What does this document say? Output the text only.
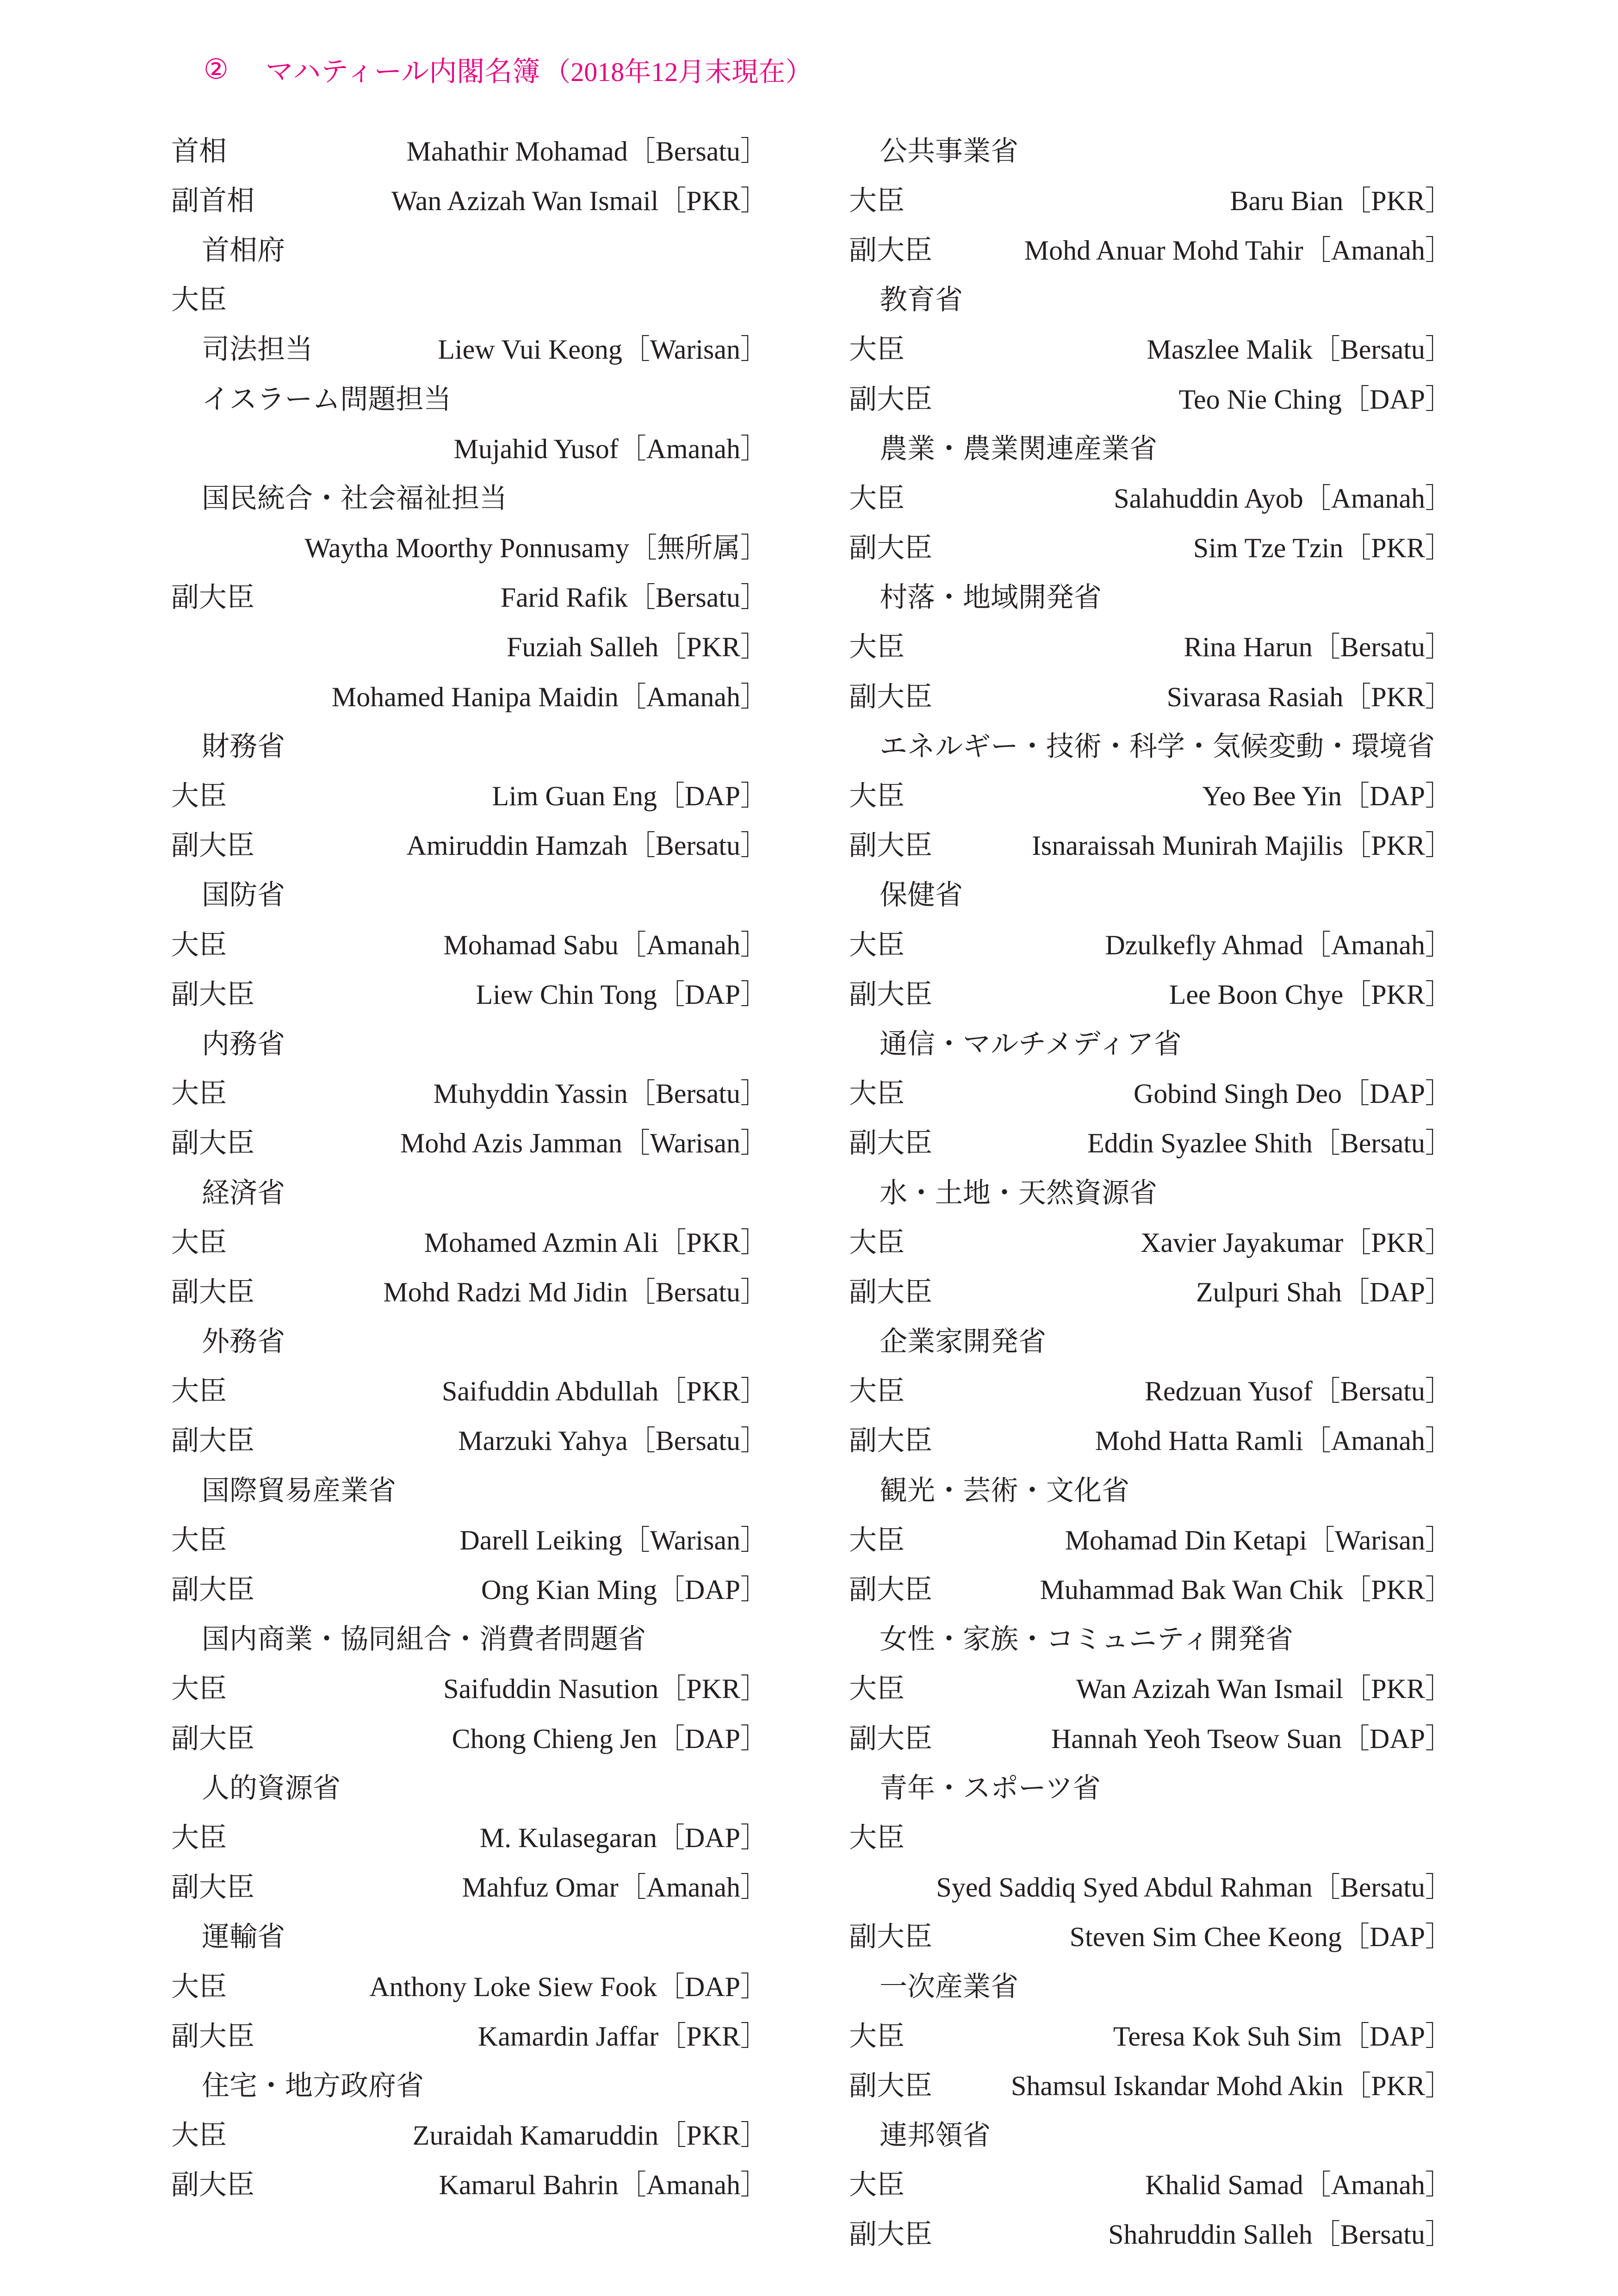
② マハティール内閣名簿 （2018年12月末現在）
首相	Mahathir Mohamad［Bersatu］
副首相	Wan Azizah Wan Ismail［PKR］
首相府
大臣
司法担当	Liew Vui Keong［Warisan］
イスラーム問題担当
Mujahid Yusof［Amanah］
国民統合・社会福祉担当
Waytha Moorthy Ponnusamy［無所属］
副大臣	Farid Rafik［Bersatu］
Fuziah Salleh［PKR］
Mohamed Hanipa Maidin［Amanah］
財務省
大臣	Lim Guan Eng［DAP］
副大臣	Amiruddin Hamzah［Bersatu］
国防省
大臣	Mohamad Sabu［Amanah］
副大臣	Liew Chin Tong［DAP］
内務省
大臣	Muhyddin Yassin［Bersatu］
副大臣	Mohd Azis Jamman［Warisan］
経済省
大臣	Mohamed Azmin Ali［PKR］
副大臣	Mohd Radzi Md Jidin［Bersatu］
外務省
大臣	Saifuddin Abdullah［PKR］
副大臣	Marzuki Yahya［Bersatu］
国際貿易産業省
大臣	Darell Leiking［Warisan］
副大臣	Ong Kian Ming［DAP］
国内商業・協同組合・消費者問題省
大臣	Saifuddin Nasution［PKR］
副大臣	Chong Chieng Jen［DAP］
人的資源省
大臣	M. Kulasegaran［DAP］
副大臣	Mahfuz Omar［Amanah］
運輸省
大臣	Anthony Loke Siew Fook［DAP］
副大臣	Kamardin Jaffar［PKR］
住宅・地方政府省
大臣	Zuraidah Kamaruddin［PKR］
副大臣	Kamarul Bahrin［Amanah］
公共事業省
大臣	Baru Bian［PKR］
副大臣	Mohd Anuar Mohd Tahir［Amanah］
教育省
大臣	Maszlee Malik［Bersatu］
副大臣	Teo Nie Ching［DAP］
農業・農業関連産業省
大臣	Salahuddin Ayob［Amanah］
副大臣	Sim Tze Tzin［PKR］
村落・地域開発省
大臣	Rina Harun［Bersatu］
副大臣	Sivarasa Rasiah［PKR］
エネルギー・技術・科学・気候変動・環境省
大臣	Yeo Bee Yin［DAP］
副大臣	Isnaraissah Munirah Majilis［PKR］
保健省
大臣	Dzulkefly Ahmad［Amanah］
副大臣	Lee Boon Chye［PKR］
通信・マルチメディア省
大臣	Gobind Singh Deo［DAP］
副大臣	Eddin Syazlee Shith［Bersatu］
水・土地・天然資源省
大臣	Xavier Jayakumar［PKR］
副大臣	Zulpuri Shah［DAP］
企業家開発省
大臣	Redzuan Yusof［Bersatu］
副大臣	Mohd Hatta Ramli［Amanah］
観光・芸術・文化省
大臣	Mohamad Din Ketapi［Warisan］
副大臣	Muhammad Bak Wan Chik［PKR］
女性・家族・コミュニティ開発省
大臣	Wan Azizah Wan Ismail［PKR］
副大臣	Hannah Yeoh Tseow Suan［DAP］
青年・スポーツ省
大臣
Syed Saddiq Syed Abdul Rahman［Bersatu］
副大臣	Steven Sim Chee Keong［DAP］
一次産業省
大臣	Teresa Kok Suh Sim［DAP］
副大臣	Shamsul Iskandar Mohd Akin［PKR］
連邦領省
大臣	Khalid Samad［Amanah］
副大臣	Shahruddin Salleh［Bersatu］
